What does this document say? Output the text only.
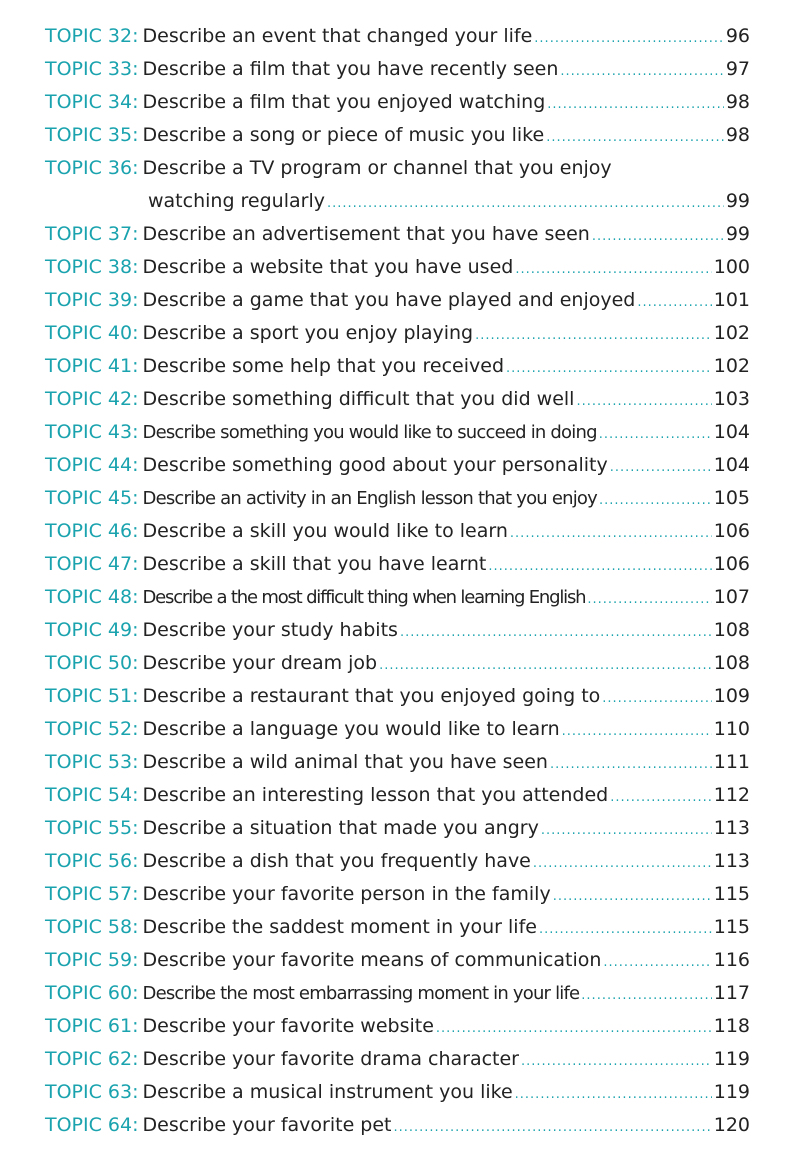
TOPIC 32: Describe an event that changed your life .....	96
TOPIC 33: Describe a film that you have recently seen .....	97
TOPIC 34: Describe a film that you enjoyed watching .....	98
TOPIC 35: Describe a song or piece of music you like .....	98
TOPIC 36: Describe a TV program or channel that you enjoy
watching regularly .....	99
TOPIC 37: Describe an advertisement that you have seen .....	99
TOPIC 38: Describe a website that you have used .....	100
TOPIC 39: Describe a game that you have played and enjoyed .....	101
TOPIC 40: Describe a sport you enjoy playing .....	102
TOPIC 41: Describe some help that you received .....	102
TOPIC 42: Describe something difficult that you did well .....	103
TOPIC 43: Describe something you would like to succeed in doing .....	104
TOPIC 44: Describe something good about your personality .....	104
TOPIC 45: Describe an activity in an English lesson that you enjoy .....	105
TOPIC 46: Describe a skill you would like to learn .....	106
TOPIC 47: Describe a skill that you have learnt .....	106
TOPIC 48: Describe a the most difficult thing when learning English .....	107
TOPIC 49: Describe your study habits .....	108
TOPIC 50: Describe your dream job .....	108
TOPIC 51: Describe a restaurant that you enjoyed going to .....	109
TOPIC 52: Describe a language you would like to learn .....	110
TOPIC 53: Describe a wild animal that you have seen .....	111
TOPIC 54: Describe an interesting lesson that you attended .....	112
TOPIC 55: Describe a situation that made you angry .....	113
TOPIC 56: Describe a dish that you frequently have .....	113
TOPIC 57: Describe your favorite person in the family .....	115
TOPIC 58: Describe the saddest moment in your life .....	115
TOPIC 59: Describe your favorite means of communication .....	116
TOPIC 60: Describe the most embarrassing moment in your life .....	117
TOPIC 61: Describe your favorite website .....	118
TOPIC 62: Describe your favorite drama character .....	119
TOPIC 63: Describe a musical instrument you like .....	119
TOPIC 64: Describe your favorite pet .....	120
